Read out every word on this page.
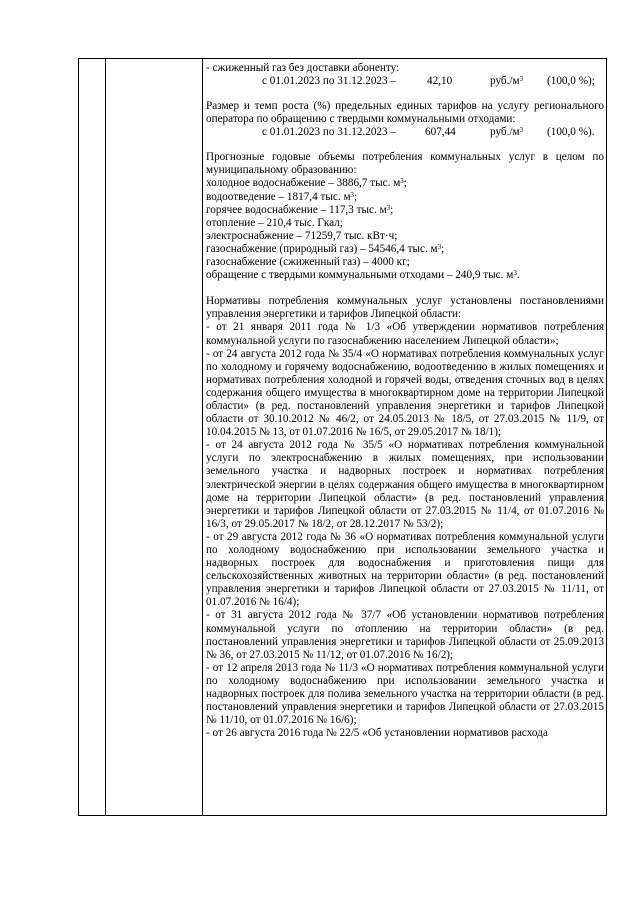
- сжиженный газ без доставки абоненту:

с 01.01.2023 по 31.12.2023 –	42,10	$руб./м^3$ (100,0 %);

Размер и темп роста (%) предельных единых тарифов на услугу регионального оператора по обращению с твердыми коммунальными отходами:

с 01.01.2023 по 31.12.2023 –	607,44	$руб./м^3$ (100,0 %).

Прогнозные годовые объемы потребления коммунальных услуг в целом по муниципальному образованию:

холодное водоснабжение – 3886,7 тыс. $м^3$;

водоотведение – 1817,4 тыс. $м^3$;

горячее водоснабжение – 117,3 тыс. $м^3$;

отопление – 210,4 тыс. Гкал;

электроснабжение – 71259,7 тыс. кВт·ч;

газоснабжение (природный газ) – 54546,4 тыс. $м^3$;

газоснабжение (сжиженный газ) – 4000 кг;

обращение с твердыми коммунальными отходами – 240,9 тыс. $м^3$.

Нормативы потребления коммунальных услуг установлены постановлениями управления энергетики и тарифов Липецкой области:

- от 21 января 2011 года № 1/3 «Об утверждении нормативов потребления коммунальной услуги по газоснабжению населением Липецкой области»;

- от 24 августа 2012 года № 35/4 «О нормативах потребления коммунальных услуг по холодному и горячему водоснабжению, водоотведению в жилых помещениях и нормативах потребления холодной и горячей воды, отведения сточных вод в целях содержания общего имущества в многоквартирном доме на территории Липецкой области» (в ред. постановлений управления энергетики и тарифов Липецкой области от 30.10.2012 № 46/2, от 24.05.2013 № 18/5, от 27.03.2015 № 11/9, от 10.04.2015 № 13, от 01.07.2016 № 16/5, от 29.05.2017 № 18/1);

- от 24 августа 2012 года № 35/5 «О нормативах потребления коммунальной услуги по электроснабжению в жилых помещениях, при использовании земельного участка и надворных построек и нормативах потребления электрической энергии в целях содержания общего имущества в многоквартирном доме на территории Липецкой области» (в ред. постановлений управления энергетики и тарифов Липецкой области от 27.03.2015 № 11/4, от 01.07.2016 № 16/3, от 29.05.2017 № 18/2, от 28.12.2017 № 53/2);

- от 29 августа 2012 года № 36 «О нормативах потребления коммунальной услуги по холодному водоснабжению при использовании земельного участка и надворных построек для водоснабжения и приготовления пищи для сельскохозяйственных животных на территории области» (в ред. постановлений управления энергетики и тарифов Липецкой области от 27.03.2015 № 11/11, от 01.07.2016 № 16/4);

- от 31 августа 2012 года № 37/7 «Об установлении нормативов потребления коммунальной услуги по отоплению на территории области» (в ред. постановлений управления энергетики и тарифов Липецкой области от 25.09.2013 № 36, от 27.03.2015 № 11/12, от 01.07.2016 № 16/2);

- от 12 апреля 2013 года № 11/3 «О нормативах потребления коммунальной услуги по холодному водоснабжению при использовании земельного участка и надворных построек для полива земельного участка на территории области (в ред. постановлений управления энергетики и тарифов Липецкой области от 27.03.2015 № 11/10, от 01.07.2016 № 16/6);

- от 26 августа 2016 года № 22/5 «Об установлении нормативов расхода
